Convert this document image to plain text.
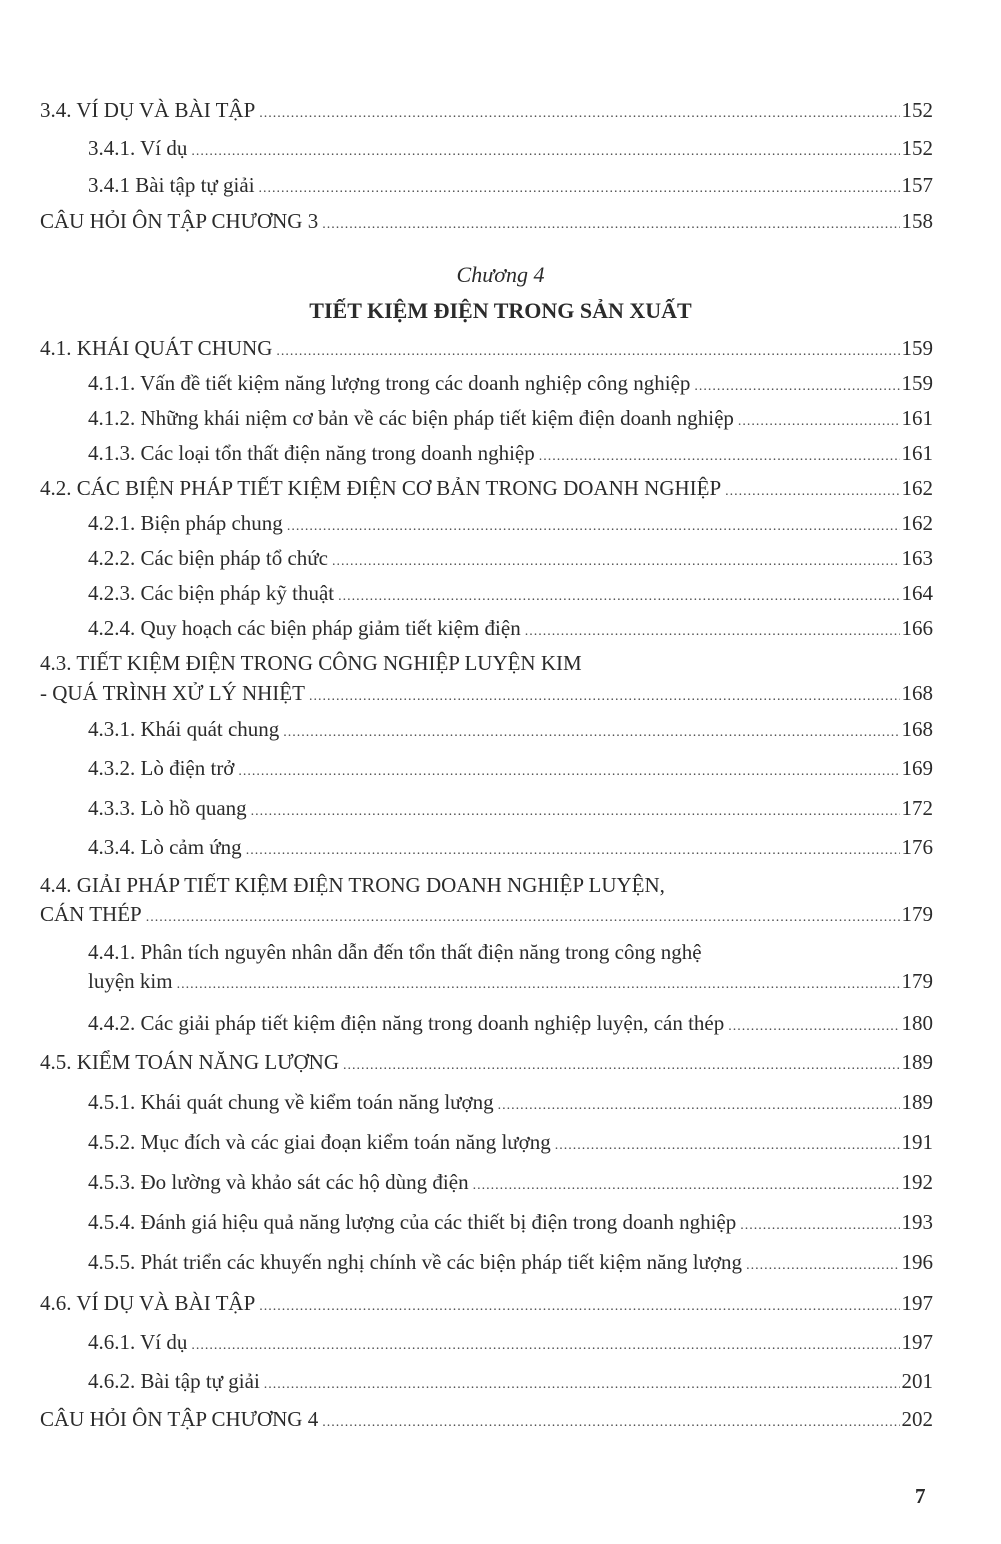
3.4. VÍ DỤ VÀ BÀI TẬP .....	152
3.4.1. Ví dụ .....	152
3.4.1 Bài tập tự giải .....	157
CÂU HỎI ÔN TẬP CHƯƠNG 3 .....	158
Chương 4
TIẾT KIỆM ĐIỆN TRONG SẢN XUẤT
4.1. KHÁI QUÁT CHUNG .....	159
4.1.1. Vấn đề tiết kiệm năng lượng trong các doanh nghiệp công nghiệp .....	159
4.1.2. Những khái niệm cơ bản về các biện pháp tiết kiệm điện doanh nghiệp .....	161
4.1.3. Các loại tổn thất điện năng trong doanh nghiệp .....	161
4.2. CÁC BIỆN PHÁP TIẾT KIỆM ĐIỆN CƠ BẢN TRONG DOANH NGHIỆP .....	162
4.2.1. Biện pháp chung .....	162
4.2.2. Các biện pháp tổ chức .....	163
4.2.3. Các biện pháp kỹ thuật .....	164
4.2.4. Quy hoạch các biện pháp giảm tiết kiệm điện .....	166
4.3. TIẾT KIỆM ĐIỆN TRONG CÔNG NGHIỆP LUYỆN KIM
- QUÁ TRÌNH XỬ LÝ NHIỆT .....	168
4.3.1. Khái quát chung .....	168
4.3.2. Lò điện trở .....	169
4.3.3. Lò hồ quang .....	172
4.3.4. Lò cảm ứng .....	176
4.4. GIẢI PHÁP TIẾT KIỆM ĐIỆN TRONG DOANH NGHIỆP LUYỆN,
CÁN THÉP .....	179
4.4.1. Phân tích nguyên nhân dẫn đến tổn thất điện năng trong công nghệ
luyện kim .....	179
4.4.2. Các giải pháp tiết kiệm điện năng trong doanh nghiệp luyện, cán thép .....	180
4.5. KIỂM TOÁN NĂNG LƯỢNG .....	189
4.5.1. Khái quát chung về kiểm toán năng lượng .....	189
4.5.2. Mục đích và các giai đoạn kiểm toán năng lượng .....	191
4.5.3. Đo lường và khảo sát các hộ dùng điện .....	192
4.5.4. Đánh giá hiệu quả năng lượng của các thiết bị điện trong doanh nghiệp .....	193
4.5.5. Phát triển các khuyến nghị chính về các biện pháp tiết kiệm năng lượng .....	196
4.6. VÍ DỤ VÀ BÀI TẬP .....	197
4.6.1. Ví dụ .....	197
4.6.2. Bài tập tự giải .....	201
CÂU HỎI ÔN TẬP CHƯƠNG 4 .....	202
7
